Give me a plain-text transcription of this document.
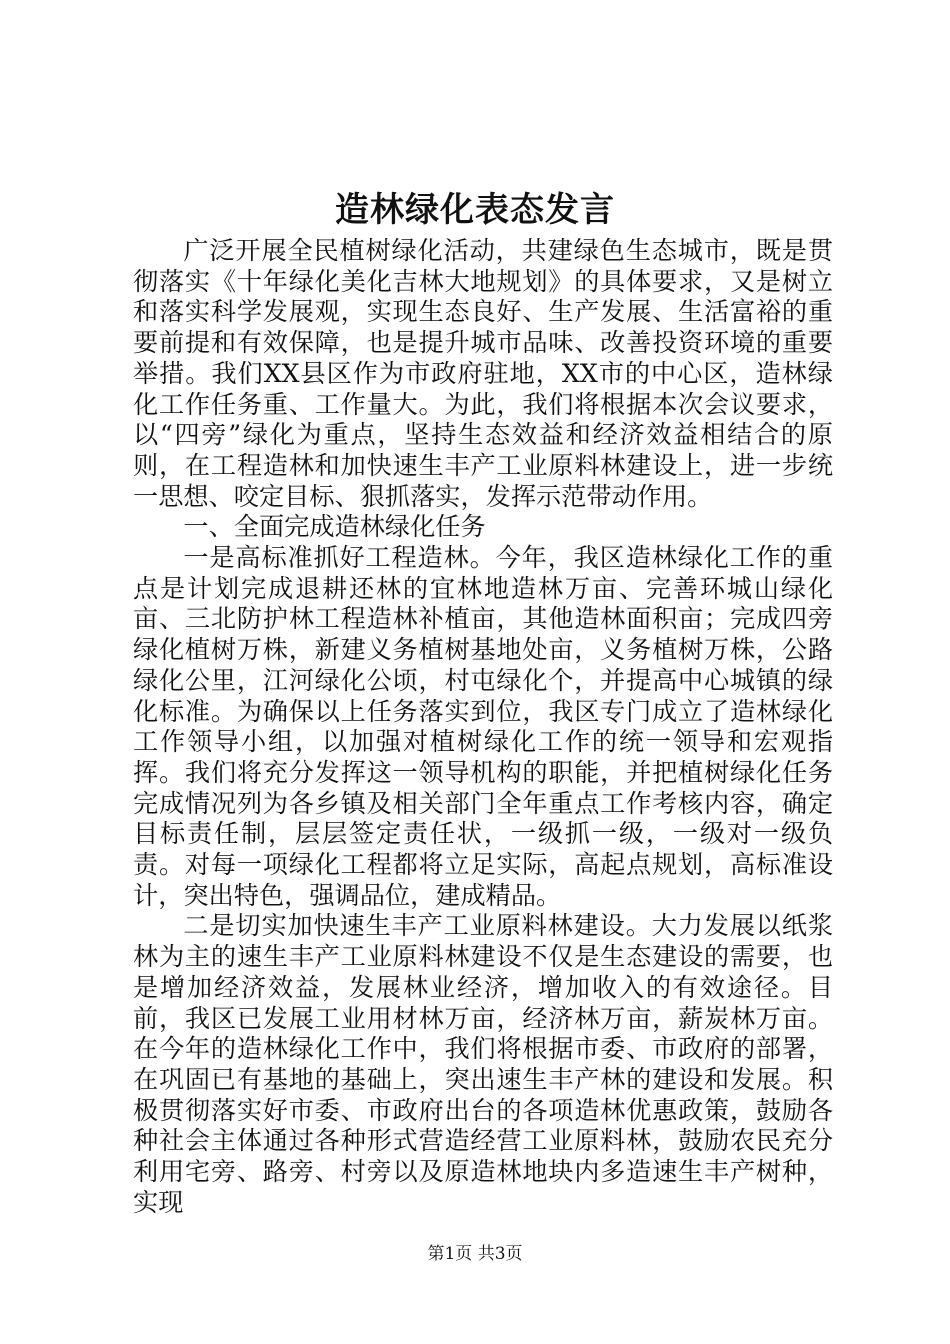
造林绿化表态发言

广泛开展全民植树绿化活动，共建绿色生态城市，既是贯彻落实《十年绿化美化吉林大地规划》的具体要求，又是树立和落实科学发展观，实现生态良好、生产发展、生活富裕的重要前提和有效保障，也是提升城市品味、改善投资环境的重要举措。我们XX县区作为市政府驻地，XX市的中心区，造林绿化工作任务重、工作量大。为此，我们将根据本次会议要求，以“四旁”绿化为重点，坚持生态效益和经济效益相结合的原则，在工程造林和加快速生丰产工业原料林建设上，进一步统一思想、咬定目标、狠抓落实，发挥示范带动作用。

一、全面完成造林绿化任务

一是高标准抓好工程造林。今年，我区造林绿化工作的重点是计划完成退耕还林的宜林地造林万亩、完善环城山绿化亩、三北防护林工程造林补植亩，其他造林面积亩；完成四旁绿化植树万株，新建义务植树基地处亩，义务植树万株，公路绿化公里，江河绿化公顷，村屯绿化个，并提高中心城镇的绿化标准。为确保以上任务落实到位，我区专门成立了造林绿化工作领导小组，以加强对植树绿化工作的统一领导和宏观指挥。我们将充分发挥这一领导机构的职能，并把植树绿化任务完成情况列为各乡镇及相关部门全年重点工作考核内容，确定目标责任制，层层签定责任状，一级抓一级，一级对一级负责。对每一项绿化工程都将立足实际，高起点规划，高标准设计，突出特色，强调品位，建成精品。

二是切实加快速生丰产工业原料林建设。大力发展以纸浆林为主的速生丰产工业原料林建设不仅是生态建设的需要，也是增加经济效益，发展林业经济，增加收入的有效途径。目前，我区已发展工业用材林万亩，经济林万亩，薪炭林万亩。在今年的造林绿化工作中，我们将根据市委、市政府的部署，在巩固已有基地的基础上，突出速生丰产林的建设和发展。积极贯彻落实好市委、市政府出台的各项造林优惠政策，鼓励各种社会主体通过各种形式营造经营工业原料林，鼓励农民充分利用宅旁、路旁、村旁以及原造林地块内多造速生丰产树种，实现

第1页 共3页
